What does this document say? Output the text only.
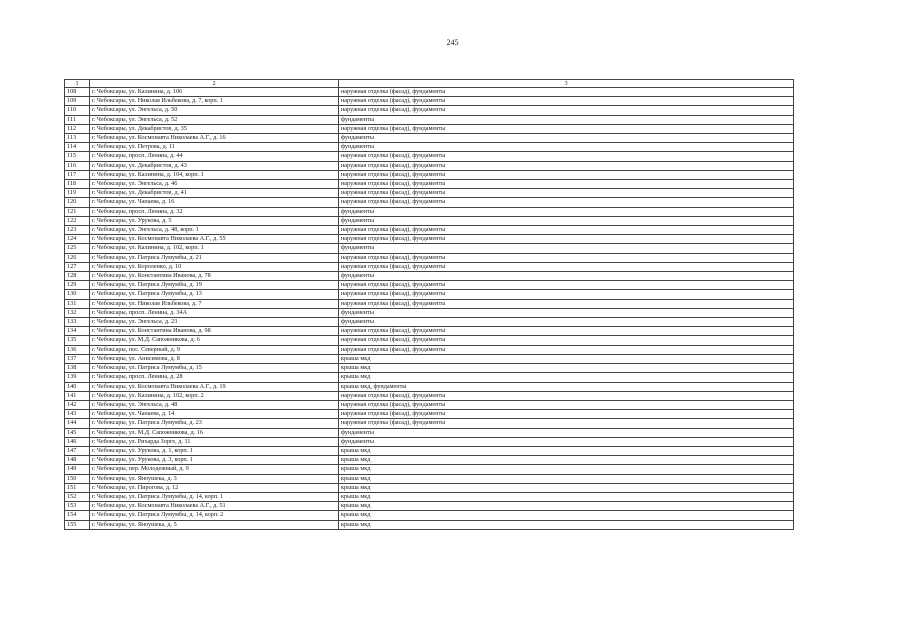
245
1	2	3
108	г. Чебоксары, ул. Калинина, д. 106	наружная отделка (фасад), фундаменты
109	г. Чебоксары, ул. Николая Ильбекова, д. 7, корп. 1	наружная отделка (фасад), фундаменты
110	г. Чебоксары, ул. Энгельса, д. 50	наружная отделка (фасад), фундаменты
111	г. Чебоксары, ул. Энгельса, д. 52	фундаменты
112	г. Чебоксары, ул. Декабристов, д. 35	наружная отделка (фасад), фундаменты
113	г. Чебоксары, ул. Космонавта Николаева А.Г., д. 16	фундаменты
114	г. Чебоксары, ул. Петрова, д. 11	фундаменты
115	г. Чебоксары, просп. Ленина, д. 44	наружная отделка (фасад), фундаменты
116	г. Чебоксары, ул. Декабристов, д. 43	наружная отделка (фасад), фундаменты
117	г. Чебоксары, ул. Калинина, д. 104, корп. 1	наружная отделка (фасад), фундаменты
118	г. Чебоксары, ул. Энгельса, д. 46	наружная отделка (фасад), фундаменты
119	г. Чебоксары, ул. Декабристов, д. 41	наружная отделка (фасад), фундаменты
120	г. Чебоксары, ул. Чапаева, д. 16	наружная отделка (фасад), фундаменты
121	г. Чебоксары, просп. Ленина, д. 32	фундаменты
122	г. Чебоксары, ул. Урукова, д. 5	фундаменты
123	г. Чебоксары, ул. Энгельса, д. 48, корп. 1	наружная отделка (фасад), фундаменты
124	г. Чебоксары, ул. Космонавта Николаева А.Г., д. 55	наружная отделка (фасад), фундаменты
125	г. Чебоксары, ул. Калинина, д. 102, корп. 1	фундаменты
126	г. Чебоксары, ул. Патриса Лумумбы, д. 21	наружная отделка (фасад), фундаменты
127	г. Чебоксары, ул. Короленко, д. 10	наружная отделка (фасад), фундаменты
128	г. Чебоксары, ул. Константина Иванова, д. 78	фундаменты
129	г. Чебоксары, ул. Патриса Лумумбы, д. 19	наружная отделка (фасад), фундаменты
130	г. Чебоксары, ул. Патриса Лумумбы, д. 13	наружная отделка (фасад), фундаменты
131	г. Чебоксары, ул. Николая Ильбекова, д. 7	наружная отделка (фасад), фундаменты
132	г. Чебоксары, просп. Ленина, д. 34А	фундаменты
133	г. Чебоксары, ул. Энгельса, д. 23	фундаменты
134	г. Чебоксары, ул. Константина Иванова, д. 98	наружная отделка (фасад), фундаменты
135	г. Чебоксары, ул. М.Д. Сапожникова, д. 6	наружная отделка (фасад), фундаменты
136	г. Чебоксары, пос. Северный, д. 9	наружная отделка (фасад), фундаменты
137	г. Чебоксары, ул. Анисимова, д. 8	крыша мкд
138	г. Чебоксары, ул. Патриса Лумумбы, д. 15	крыша мкд
139	г. Чебоксары, просп. Ленина, д. 28	крыша мкд
140	г. Чебоксары, ул. Космонавта Николаева А.Г., д. 19	крыша мкд, фундаменты
141	г. Чебоксары, ул. Калинина, д. 102, корп. 2	наружная отделка (фасад), фундаменты
142	г. Чебоксары, ул. Энгельса, д. 48	наружная отделка (фасад), фундаменты
143	г. Чебоксары, ул. Чапаева, д. 14	наружная отделка (фасад), фундаменты
144	г. Чебоксары, ул. Патриса Лумумбы, д. 23	наружная отделка (фасад), фундаменты
145	г. Чебоксары, ул. М.Д. Сапожникова, д. 16	фундаменты
146	г. Чебоксары, ул. Рихарда Зорге, д. 11	фундаменты
147	г. Чебоксары, ул. Урукова, д. 1, корп. 1	крыша мкд
148	г. Чебоксары, ул. Урукова, д. 3, корп. 1	крыша мкд
149	г. Чебоксары, пер. Молодежный, д. 9	крыша мкд
150	г. Чебоксары, ул. Яноушека, д. 3	крыша мкд
151	г. Чебоксары, ул. Пирогова, д. 12	крыша мкд
152	г. Чебоксары, ул. Патриса Лумумбы, д. 14, корп. 1	крыша мкд
153	г. Чебоксары, ул. Космонавта Николаева А.Г., д. 51	крыша мкд
154	г. Чебоксары, ул. Патриса Лумумбы, д. 14, корп. 2	крыша мкд
155	г. Чебоксары, ул. Яноушека, д. 5	крыша мкд
